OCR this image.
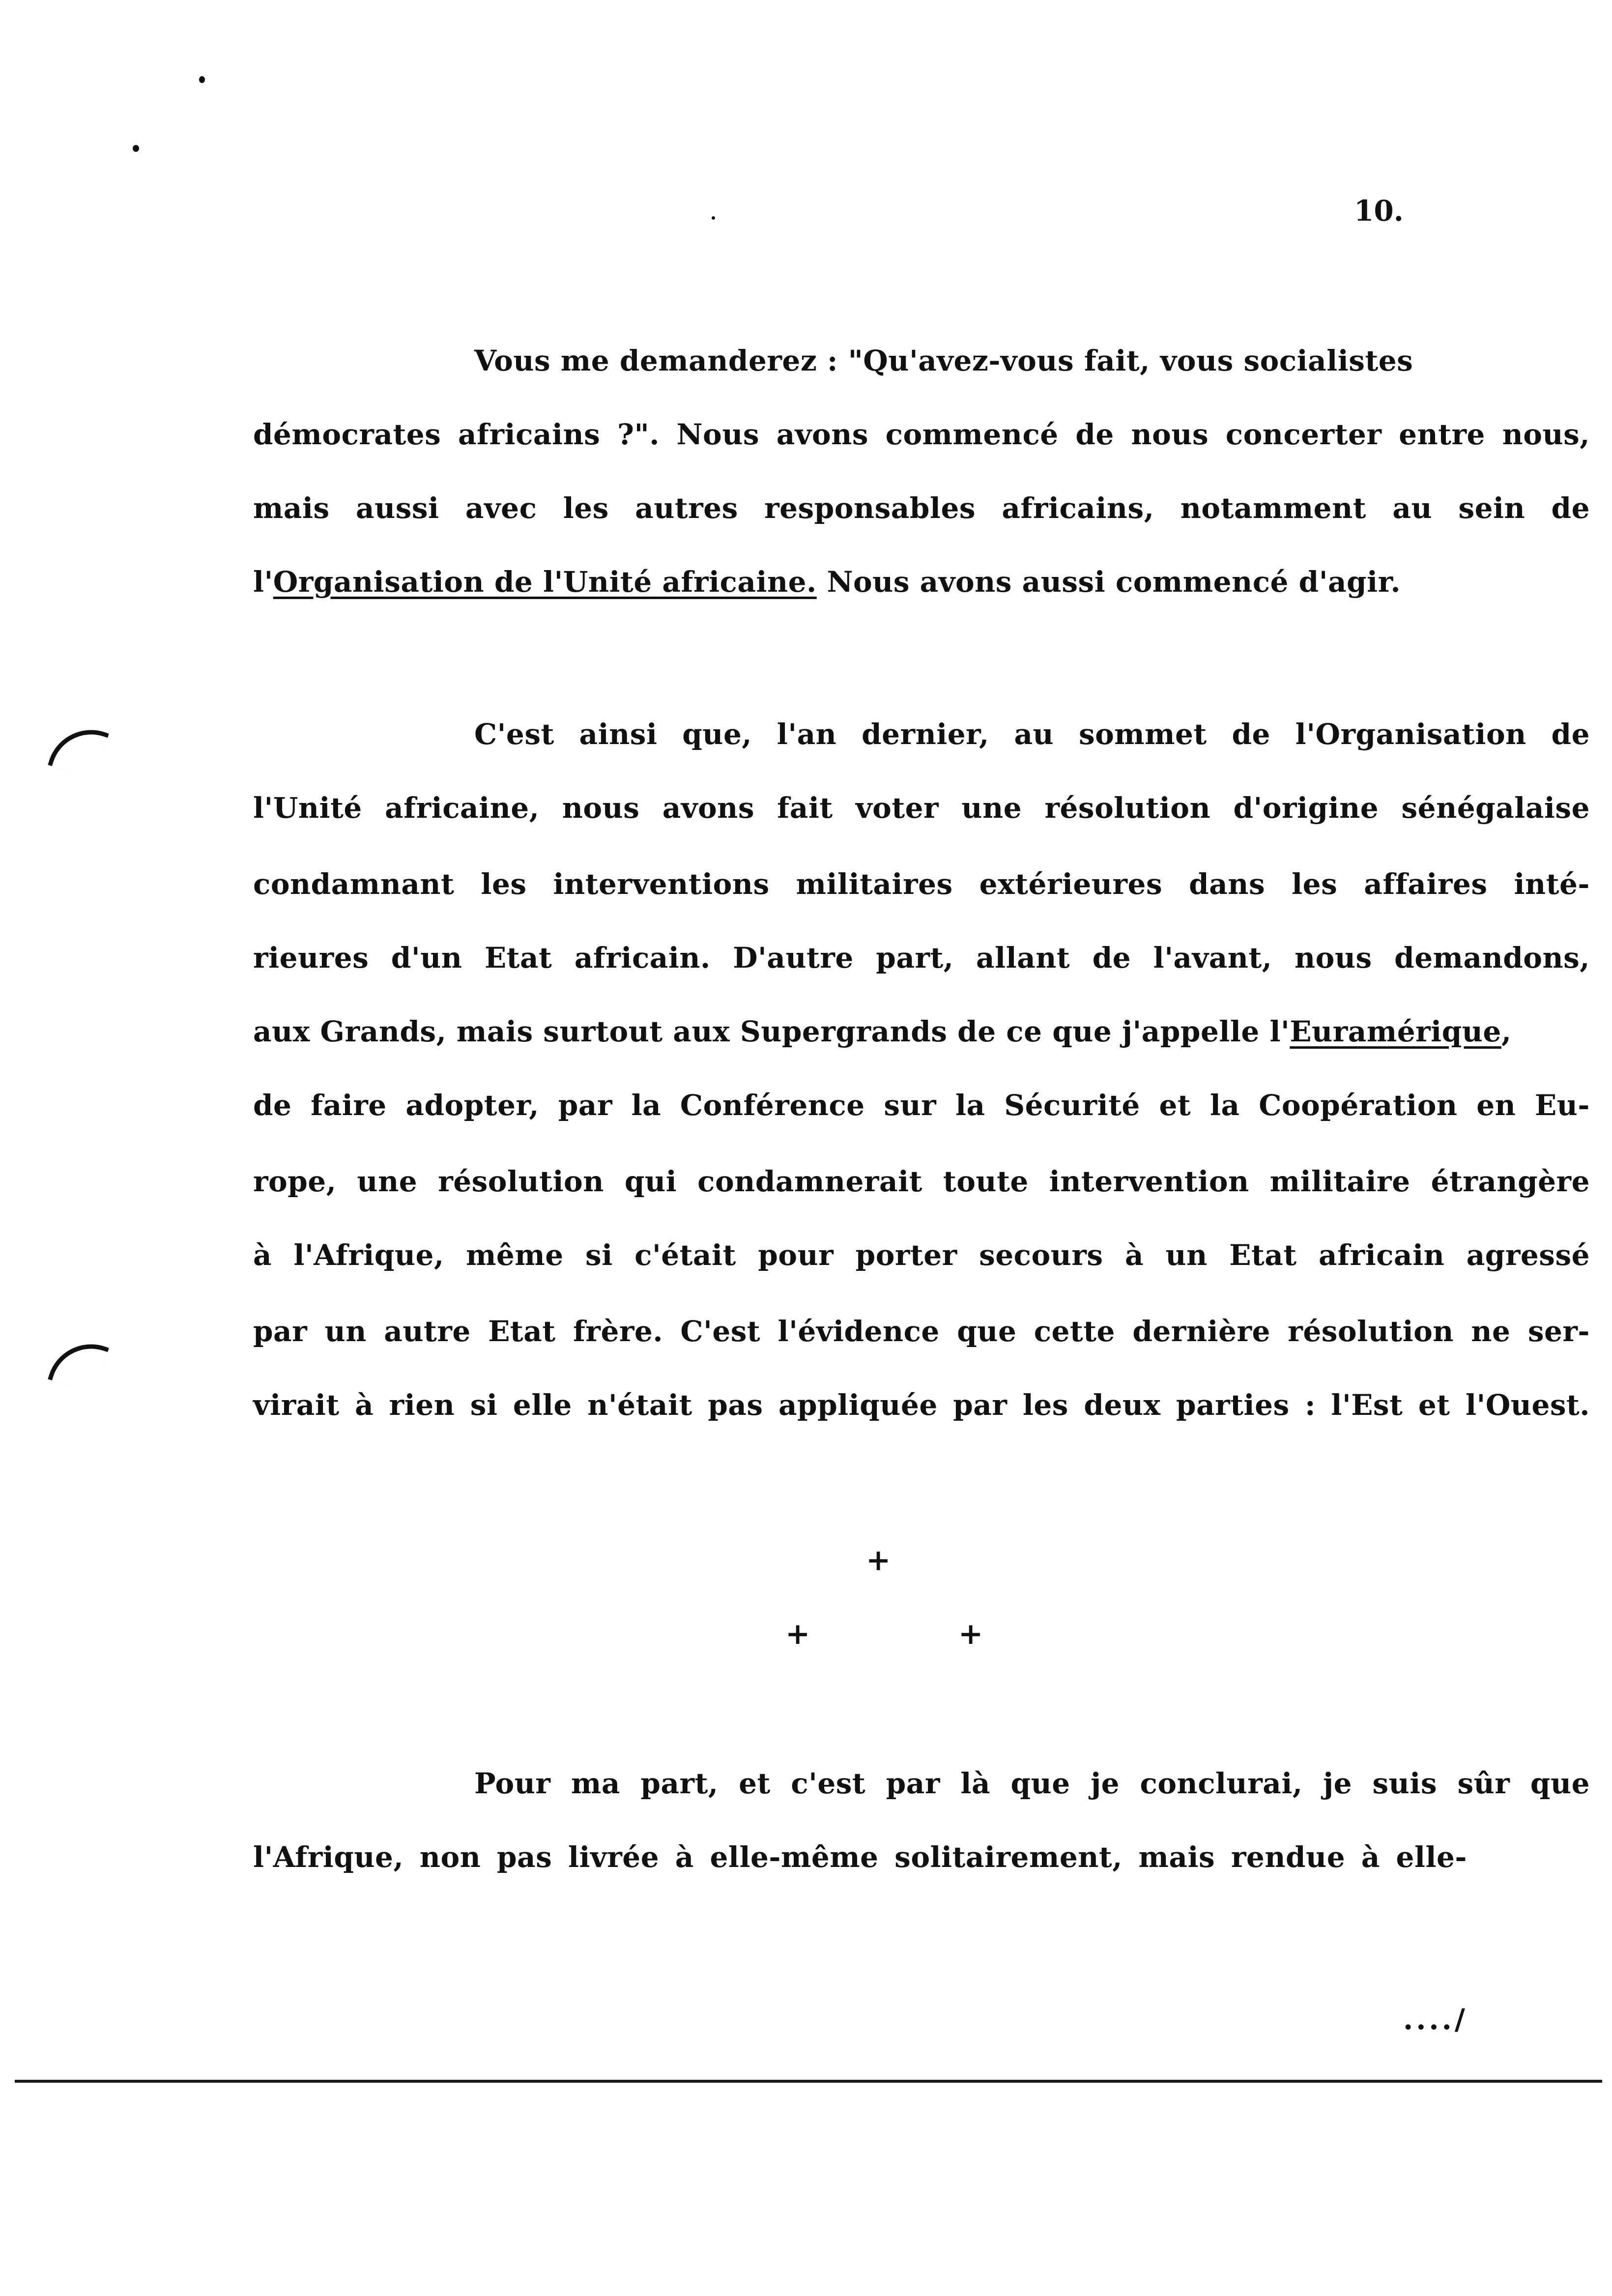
10.
Vous me demanderez : "Qu'avez-vous fait, vous socialistes
démocrates africains ?". Nous avons commencé de nous concerter entre nous,
mais aussi avec les autres responsables africains, notamment au sein de
l'Organisation de l'Unité africaine. Nous avons aussi commencé d'agir.
C'est ainsi que, l'an dernier, au sommet de l'Organisation de
l'Unité africaine, nous avons fait voter une résolution d'origine sénégalaise
condamnant les interventions militaires extérieures dans les affaires inté-
rieures d'un Etat africain. D'autre part, allant de l'avant, nous demandons,
aux Grands, mais surtout aux Supergrands de ce que j'appelle l'Euramérique,
de faire adopter, par la Conférence sur la Sécurité et la Coopération en Eu-
rope, une résolution qui condamnerait toute intervention militaire étrangère
à l'Afrique, même si c'était pour porter secours à un Etat africain agressé
par un autre Etat frère. C'est l'évidence que cette dernière résolution ne ser-
virait à rien si elle n'était pas appliquée par les deux parties : l'Est et l'Ouest.
+
+	+
Pour ma part, et c'est par là que je conclurai, je suis sûr que
l'Afrique, non pas livrée à elle-même solitairement, mais rendue à elle-
..../
